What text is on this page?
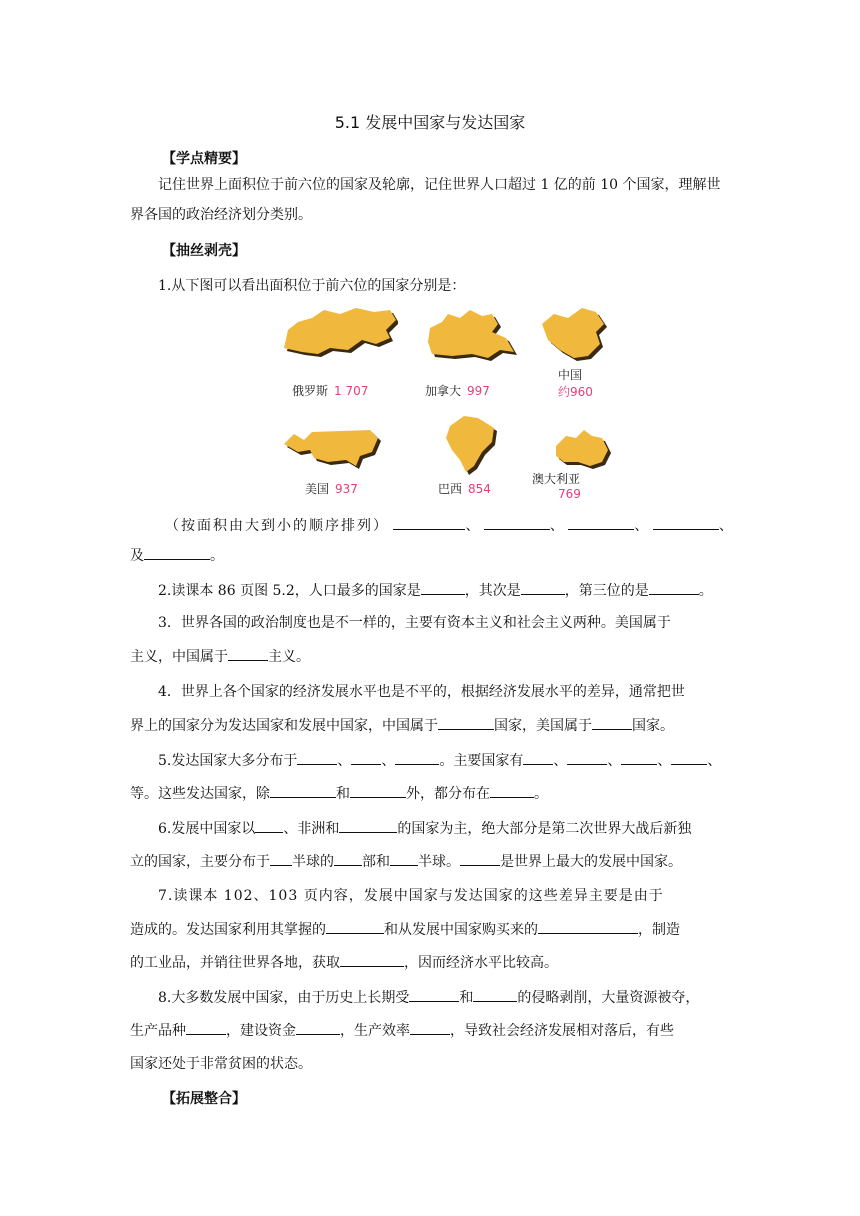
5.1 发展中国家与发达国家
【学点精要】
记住世界上面积位于前六位的国家及轮廓，记住世界人口超过 1 亿的前 10 个国家，理解世界各国的政治经济划分类别。
【抽丝剥壳】
1.从下图可以看出面积位于前六位的国家分别是：
俄罗斯 1 707	加拿大 997
中国
约960
美国 937	巴西 854
澳大利亚
769
（按面积由大到小的顺序排列）	、	、	、	、
及	。
2.读课本 86 页图 5.2，人口最多的国家是	，其次是	，第三位的是	。
3．世界各国的政治制度也是不一样的，主要有资本主义和社会主义两种。美国属于
主义，中国属于	主义。
4．世界上各个国家的经济发展水平也是不平的，根据经济发展水平的差异，通常把世
界上的国家分为发达国家和发展中国家，中国属于	国家，美国属于	国家。
5.发达国家大多分布于	、 、	。主要国家有 、	、	、	、
等。这些发达国家，除	和	外，都分布在	。
6.发展中国家以 、非洲和	的国家为主，绝大部分是第二次世界大战后新独
立的国家，主要分布于 半球的 部和 半球。	是世界上最大的发展中国家。
7.读课本 102、103 页内容，发展中国家与发达国家的这些差异主要是由于
造成的。发达国家利用其掌握的	和从发展中国家购买来的	，制造
的工业品，并销往世界各地，获取	，因而经济水平比较高。
8.大多数发展中国家，由于历史上长期受	和	的侵略剥削，大量资源被夺，
生产品种	，建设资金	，生产效率	，导致社会经济发展相对落后，有些
国家还处于非常贫困的状态。
【拓展整合】
